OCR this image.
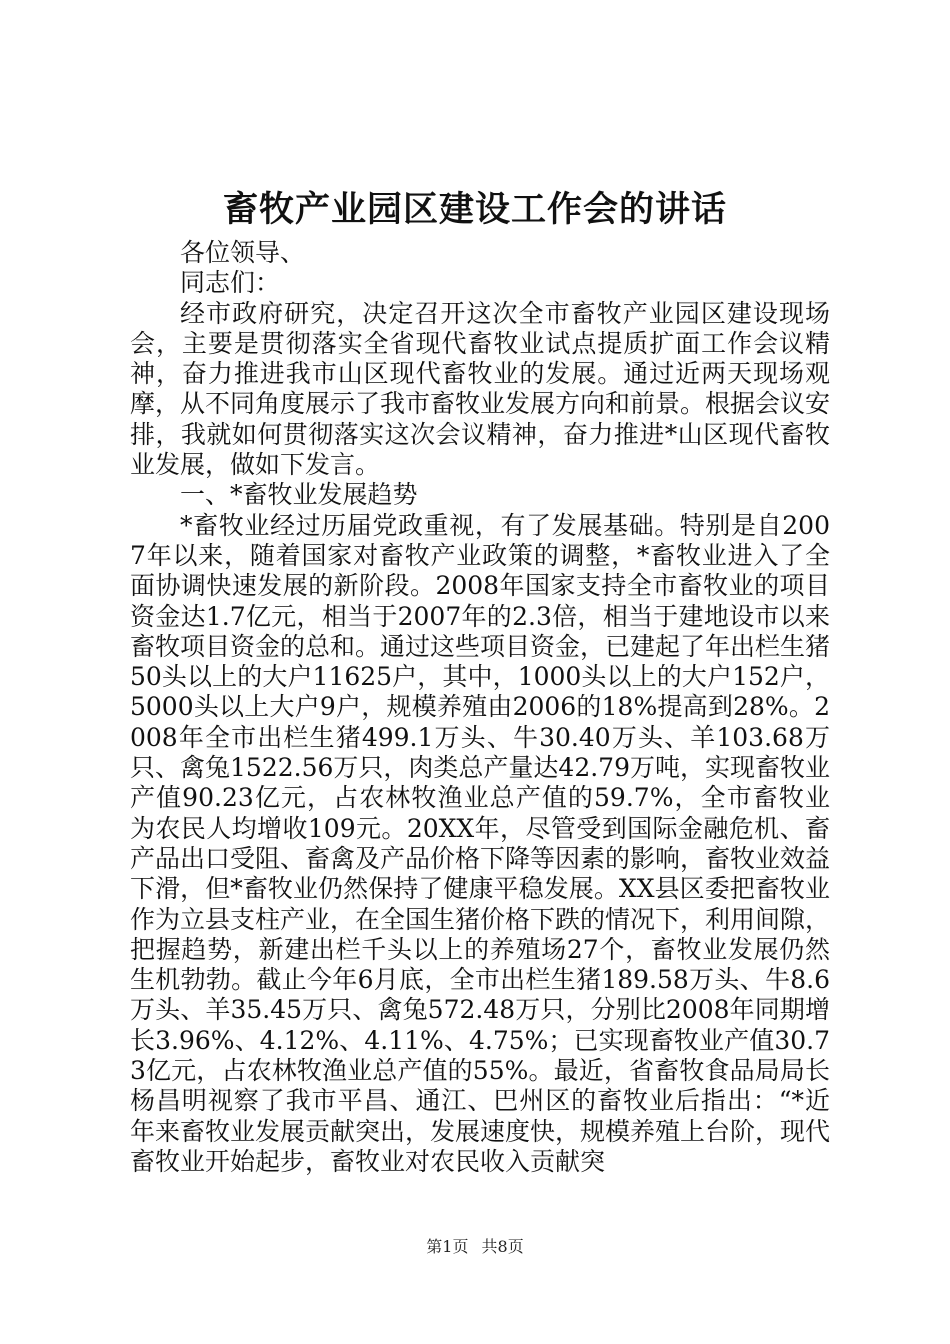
畜牧产业园区建设工作会的讲话

各位领导、

同志们：

经市政府研究，决定召开这次全市畜牧产业园区建设现场会，主要是贯彻落实全省现代畜牧业试点提质扩面工作会议精神，奋力推进我市山区现代畜牧业的发展。通过近两天现场观摩，从不同角度展示了我市畜牧业发展方向和前景。根据会议安排，我就如何贯彻落实这次会议精神，奋力推进*山区现代畜牧业发展，做如下发言。

一、*畜牧业发展趋势

*畜牧业经过历届党政重视，有了发展基础。特别是自2007年以来，随着国家对畜牧产业政策的调整，*畜牧业进入了全面协调快速发展的新阶段。2008年国家支持全市畜牧业的项目资金达1.7亿元，相当于2007年的2.3倍，相当于建地设市以来畜牧项目资金的总和。通过这些项目资金，已建起了年出栏生猪50头以上的大户11625户，其中，1000头以上的大户152户，5000头以上大户9户，规模养殖由2006的18%提高到28%。2008年全市出栏生猪499.1万头、牛30.40万头、羊103.68万只、禽兔1522.56万只，肉类总产量达42.79万吨，实现畜牧业产值90.23亿元，占农林牧渔业总产值的59.7%，全市畜牧业为农民人均增收109元。20XX年，尽管受到国际金融危机、畜产品出口受阻、畜禽及产品价格下降等因素的影响，畜牧业效益下滑，但*畜牧业仍然保持了健康平稳发展。XX县区委把畜牧业作为立县支柱产业，在全国生猪价格下跌的情况下，利用间隙，把握趋势，新建出栏千头以上的养殖场27个，畜牧业发展仍然生机勃勃。截止今年6月底，全市出栏生猪189.58万头、牛8.6万头、羊35.45万只、禽兔572.48万只，分别比2008年同期增长3.96%、4.12%、4.11%、4.75%；已实现畜牧业产值30.73亿元，占农林牧渔业总产值的55%。最近，省畜牧食品局局长杨昌明视察了我市平昌、通江、巴州区的畜牧业后指出：“*近年来畜牧业发展贡献突出，发展速度快，规模养殖上台阶，现代畜牧业开始起步，畜牧业对农民收入贡献突

第1页 共8页
